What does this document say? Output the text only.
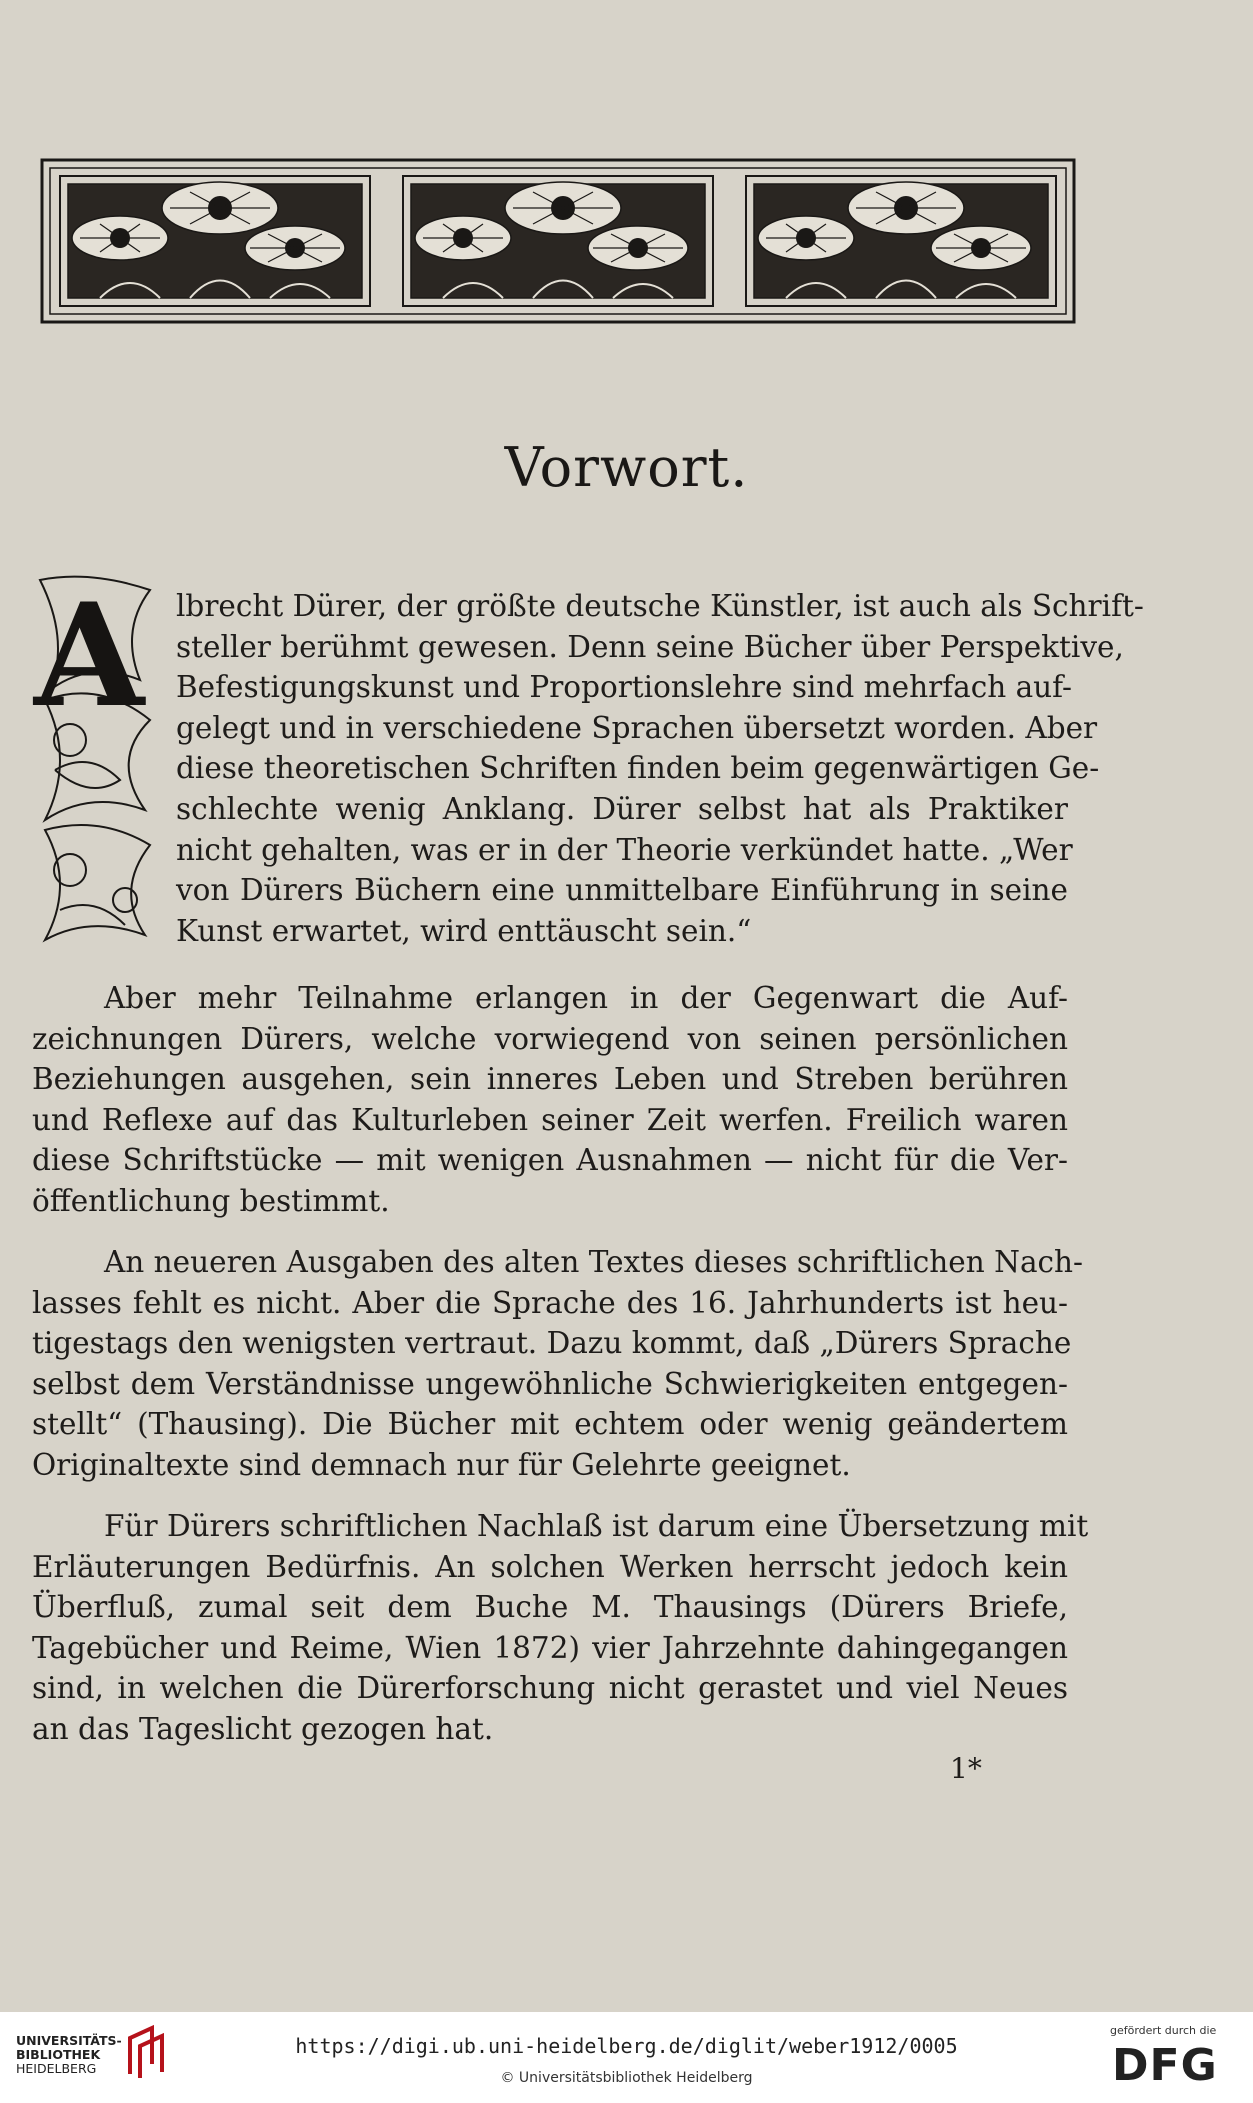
Vorwort.
A	lbrecht Dürer, der größte deutsche Künstler, ist auch als Schrift-
steller berühmt gewesen. Denn seine Bücher über Perspektive,
Befestigungskunst und Proportionslehre sind mehrfach auf-
gelegt und in verschiedene Sprachen übersetzt worden. Aber
diese theoretischen Schriften finden beim gegenwärtigen Ge-
schlechte wenig Anklang. Dürer selbst hat als Praktiker
nicht gehalten, was er in der Theorie verkündet hatte. „Wer
von Dürers Büchern eine unmittelbare Einführung in seine
Kunst erwartet, wird enttäuscht sein.“
Aber mehr Teilnahme erlangen in der Gegenwart die Auf-
zeichnungen Dürers, welche vorwiegend von seinen persönlichen
Beziehungen ausgehen, sein inneres Leben und Streben berühren
und Reflexe auf das Kulturleben seiner Zeit werfen. Freilich waren
diese Schriftstücke — mit wenigen Ausnahmen — nicht für die Ver-
öffentlichung bestimmt.
An neueren Ausgaben des alten Textes dieses schriftlichen Nach-
lasses fehlt es nicht. Aber die Sprache des 16. Jahrhunderts ist heu-
tigestags den wenigsten vertraut. Dazu kommt, daß „Dürers Sprache
selbst dem Verständnisse ungewöhnliche Schwierigkeiten entgegen-
stellt“ (Thausing). Die Bücher mit echtem oder wenig geändertem
Originaltexte sind demnach nur für Gelehrte geeignet.
Für Dürers schriftlichen Nachlaß ist darum eine Übersetzung mit
Erläuterungen Bedürfnis. An solchen Werken herrscht jedoch kein
Überfluß, zumal seit dem Buche M. Thausings (Dürers Briefe,
Tagebücher und Reime, Wien 1872) vier Jahrzehnte dahingegangen
sind, in welchen die Dürerforschung nicht gerastet und viel Neues
an das Tageslicht gezogen hat.
1*
UNIVERSITÄTS-
BIBLIOTHEK
HEIDELBERG
https://digi.ub.uni-heidelberg.de/diglit/weber1912/0005
© Universitätsbibliothek Heidelberg
gefördert durch die
DFG
